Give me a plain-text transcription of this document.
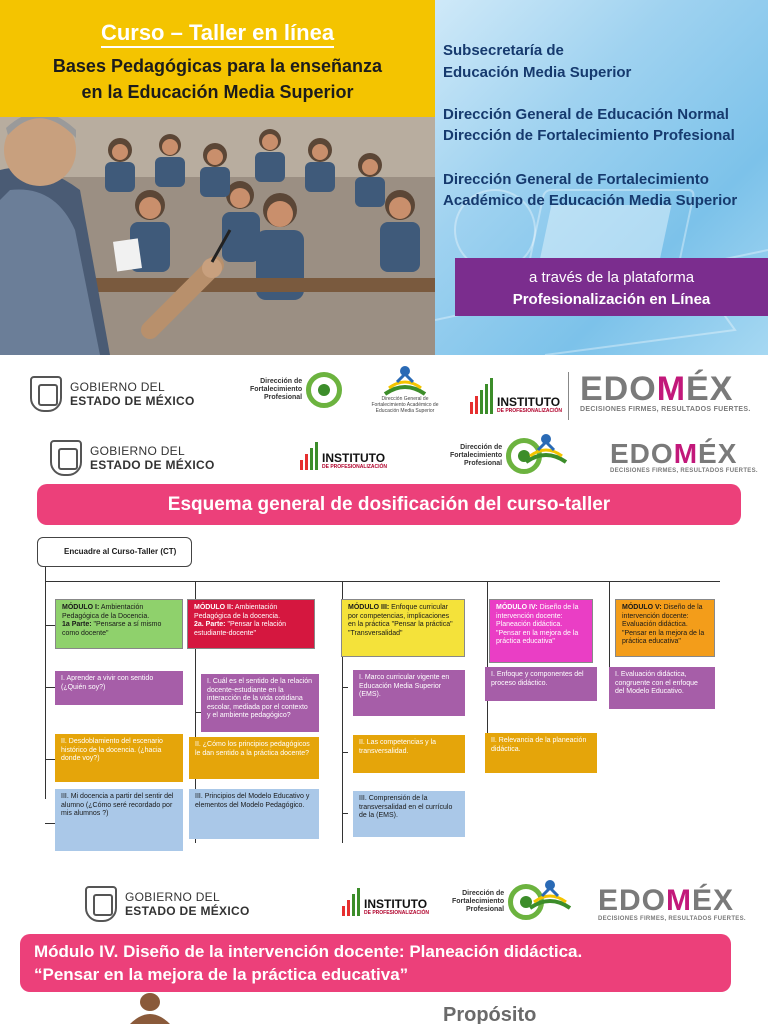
Curso – Taller en línea
Bases Pedagógicas para la enseñanza
en la Educación Media Superior
Subsecretaría de
Educación Media Superior
Dirección General de Educación Normal
Dirección de Fortalecimiento Profesional
Dirección General de Fortalecimiento
Académico de Educación Media Superior
a través de la plataforma
Profesionalización en Línea
GOBIERNO DEL
ESTADO DE MÉXICO
Dirección de
Fortalecimiento
Profesional	Dirección General de Fortalecimiento Académico de Educación Media Superior
INSTITUTO
DE PROFESIONALIZACIÓN
EDOMÉX
DECISIONES FIRMES, RESULTADOS FUERTES.
GOBIERNO DEL
ESTADO DE MÉXICO	INSTITUTO
DE PROFESIONALIZACIÓN
Dirección de
Fortalecimiento
Profesional	EDOMÉX
DECISIONES FIRMES, RESULTADOS FUERTES.
Esquema general de dosificación del curso-taller
Encuadre al Curso-Taller (CT)
MÓDULO I: Ambientación Pedagógica de la Docencia.
1a Parte: "Pensarse a sí mismo como docente"
I. Aprender a vivir con sentido (¿Quién soy?)
II. Desdoblamiento del escenario histórico de la docencia. (¿hacia donde voy?)
III. Mi docencia a partir del sentir del alumno (¿Cómo seré recordado por mis alumnos ?)
MÓDULO II: Ambientación Pedagógica de la docencia.
2a. Parte: "Pensar la relación estudiante-docente"
I. Cuál es el sentido de la relación docente-estudiante en la interacción de la vida cotidiana escolar, mediada por el contexto y el ambiente pedagógico?
II. ¿Cómo los principios pedagógicos le dan sentido a la práctica docente?
III. Principios del Modelo Educativo y elementos del Modelo Pedagógico.
MÓDULO III: Enfoque curricular por competencias, implicaciones en la práctica "Pensar la práctica" "Transversalidad"
I. Marco curricular vigente en Educación Media Superior (EMS).
II. Las competencias y la transversalidad.
III. Comprensión de la transversalidad en el currículo de la (EMS).
MÓDULO IV: Diseño de la intervención docente: Planeación didáctica. "Pensar en la mejora de la práctica educativa"
I. Enfoque y componentes del proceso didáctico.
II. Relevancia de la planeación didáctica.
MÓDULO V: Diseño de la intervención docente: Evaluación didáctica. "Pensar en la mejora de la práctica educativa"
I. Evaluación didáctica, congruente con el enfoque del Modelo Educativo.
GOBIERNO DEL
ESTADO DE MÉXICO	INSTITUTO
DE PROFESIONALIZACIÓN
Dirección de
Fortalecimiento
Profesional	EDOMÉX
DECISIONES FIRMES, RESULTADOS FUERTES.
Módulo IV. Diseño de la intervención docente: Planeación didáctica.
“Pensar en la mejora de la práctica educativa”
Propósito
